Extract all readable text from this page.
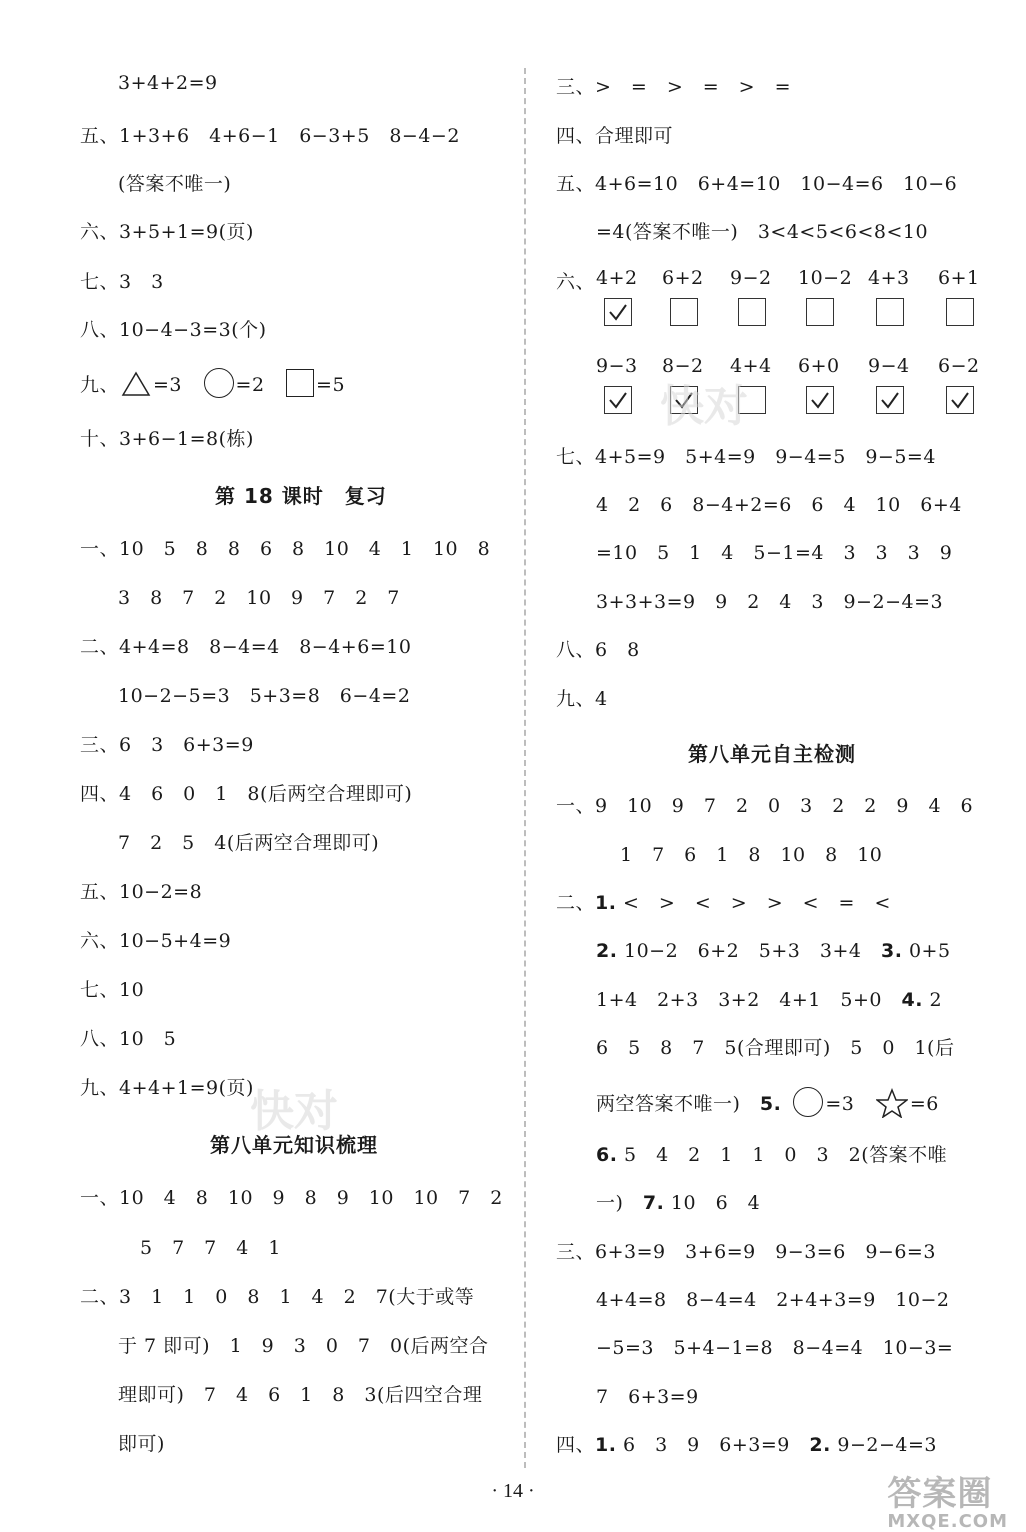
3+4+2=9
五、1+3+6　4+6−1　6−3+5　8−4−2
(答案不唯一)
六、3+5+1=9(页)
七、3　3
八、10−4−3=3(个)
九、 =3 	=2 	=5
十、3+6−1=8(栋)
第 18 课时　复习
一、10　5　8　8　6　8　10　4　1　10　8
3　8　7　2　10　9　7　2　7
二、4+4=8　8−4=4　8−4+6=10
10−2−5=3　5+3=8　6−4=2
三、6　3　6+3=9
四、4　6　0　1　8(后两空合理即可)
7　2　5　4(后两空合理即可)
五、10−2=8
六、10−5+4=9
七、10
八、10　5
九、4+4+1=9(页)
第八单元知识梳理
一、10　4　8　10　9　8　9　10　10　7　2
5　7　7　4　1
二、3　1　1　0　8　1　4　2　7(大于或等
于 7 即可)　1　9　3　0　7　0(后两空合
理即可)　7　4　6　1　8　3(后四空合理
即可)
三、>　=　>　=　>　=
四、合理即可
五、4+6=10　6+4=10　10−4=6　10−6
=4(答案不唯一)　3<4<5<6<8<10
六、 4+2 6+2 9−2 10−2 4+3 6+1
9−3 8−2 4+4 6+0 9−4 6−2
七、4+5=9　5+4=9　9−4=5　9−5=4
4　2　6　8−4+2=6　6　4　10　6+4
=10　5　1　4　5−1=4　3　3　3　9
3+3+3=9　9　2　4　3　9−2−4=3
八、6　8
九、4
第八单元自主检测
一、9　10　9　7　2　0　3　2　2　9　4　6
1　7　6　1　8　10　8　10
二、1. <　>　<　>　>　<　=　<
2. 10−2　6+2　5+3　3+4　3. 0+5
1+4　2+3　3+2　4+1　5+0　4. 2
6　5　8　7　5(合理即可)　5　0　1(后
两空答案不唯一)　5.  =3 	=6
6. 5　4　2　1　1　0　3　2(答案不唯
一)　7. 10　6　4
三、6+3=9　3+6=9　9−3=6　9−6=3
4+4=8　8−4=4　2+4+3=9　10−2
−5=3　5+4−1=8　8−4=4　10−3=
7　6+3=9
四、1. 6　3　9　6+3=9　2. 9−2−4=3
快对
快对
· 14 ·	答案圈
MXQE.COM
